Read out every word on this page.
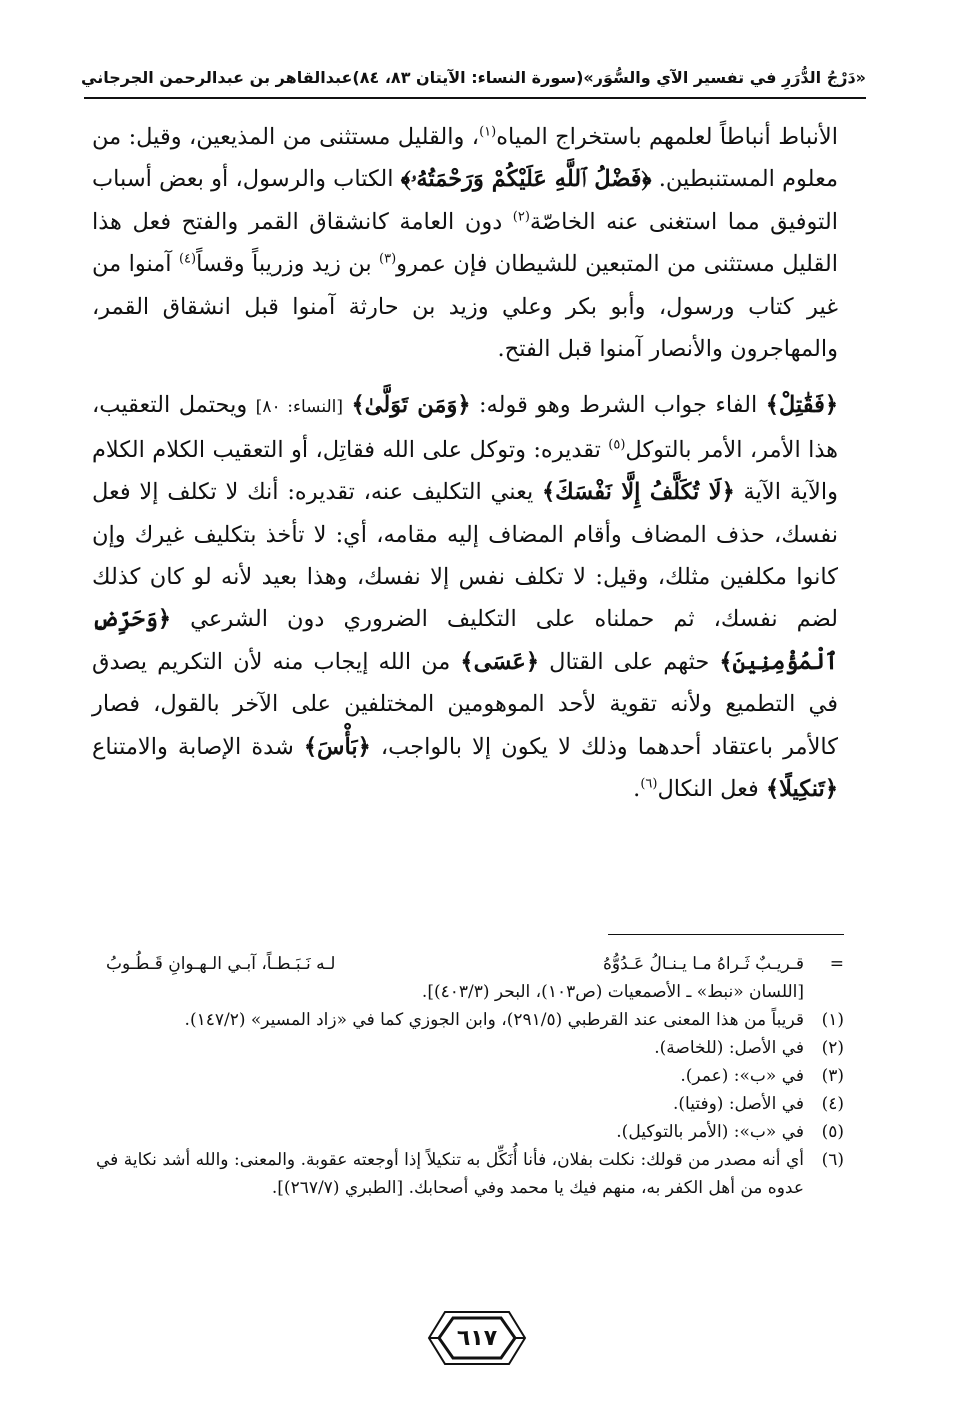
«دَرْجُ الدُّرَرِ في تفسير الآي والسُّوَر»
(سورة النساء: الآيتان ٨٣، ٨٤)
عبدالقاهر بن عبدالرحمن الجرجاني

الأنباط أنباطاً لعلمهم باستخراج المياه$^{(١)}$، والقليل مستثنى من المذيعين، وقيل: من معلوم المستنبطين. ﴿فَضْلُ ٱللَّهِ عَلَيْكُمْ وَرَحْمَتُهُۥ﴾ الكتاب والرسول، أو بعض أسباب التوفيق مما استغنى عنه الخاصّة$^{(٢)}$ دون العامة كانشقاق القمر والفتح فعل هذا القليل مستثنى من المتبعين للشيطان فإن عمرو$^{(٣)}$ بن زيد وزريباً وقساً$^{(٤)}$ آمنوا من غير كتاب ورسول، وأبو بكر وعلي وزيد بن حارثة آمنوا قبل انشقاق القمر، والمهاجرون والأنصار آمنوا قبل الفتح.

﴿فَقَٰتِلْ﴾ الفاء جواب الشرط وهو قوله: ﴿وَمَن تَوَلَّىٰ﴾ [النساء: ٨٠] ويحتمل التعقيب، هذا الأمر، الأمر بالتوكل$^{(٥)}$ تقديره: وتوكل على الله فقاتِل، أو التعقيب الكلام الكلام والآية الآية ﴿لَا تُكَلَّفُ إِلَّا نَفْسَكَ﴾ يعني التكليف عنه، تقديره: أنك لا تكلف إلا فعل نفسك، حذف المضاف وأقام المضاف إليه مقامه، أي: لا تأخذ بتكليف غيرك وإن كانوا مكلفين مثلك، وقيل: لا تكلف نفس إلا نفسك، وهذا بعيد لأنه لو كان كذلك لضم نفسك، ثم حملناه على التكليف الضروري دون الشرعي ﴿وَحَرِّضِ ٱلْمُؤْمِنِينَ﴾ حثهم على القتال ﴿عَسَى﴾ من الله إيجاب منه لأن التكريم يصدق في التطميع ولأنه تقوية لأحد الموهومين المختلفين على الآخر بالقول، فصار كالأمر باعتقاد أحدهما وذلك لا يكون إلا بالواجب، ﴿بَأْسَ﴾ شدة الإصابة والامتناع ﴿تَنكِيلًا﴾ فعل النكال$^{(٦)}$.

=
قـريـبٌ ثَـراهُ مـا يـنـالُ عَـدُوُّهُ
لـه نَـبَـطـاً، آبـي الـهـوانِ قَـطُـوبُ
[اللسان «نبط» ـ الأصمعيات (ص١٠٣)، البحر (٤٠٣/٣)].
(١)
قريباً من هذا المعنى عند القرطبي (٢٩١/٥)، وابن الجوزي كما في «زاد المسير» (١٤٧/٢).
(٢)
في الأصل: (للخاصة).
(٣)
في «ب»: (عمر).
(٤)
في الأصل: (وفتيا).
(٥)
في «ب»: (الأمر بالتوكيل).
(٦)
أي أنه مصدر من قولك: نكلت بفلان، فأنا أُنَكِّل به تنكيلاً إذا أوجعته عقوبة. والمعنى: والله أشد نكاية في عدوه من أهل الكفر به، منهم فيك يا محمد وفي أصحابك. [الطبري (٢٦٧/٧)].
٦١٧
